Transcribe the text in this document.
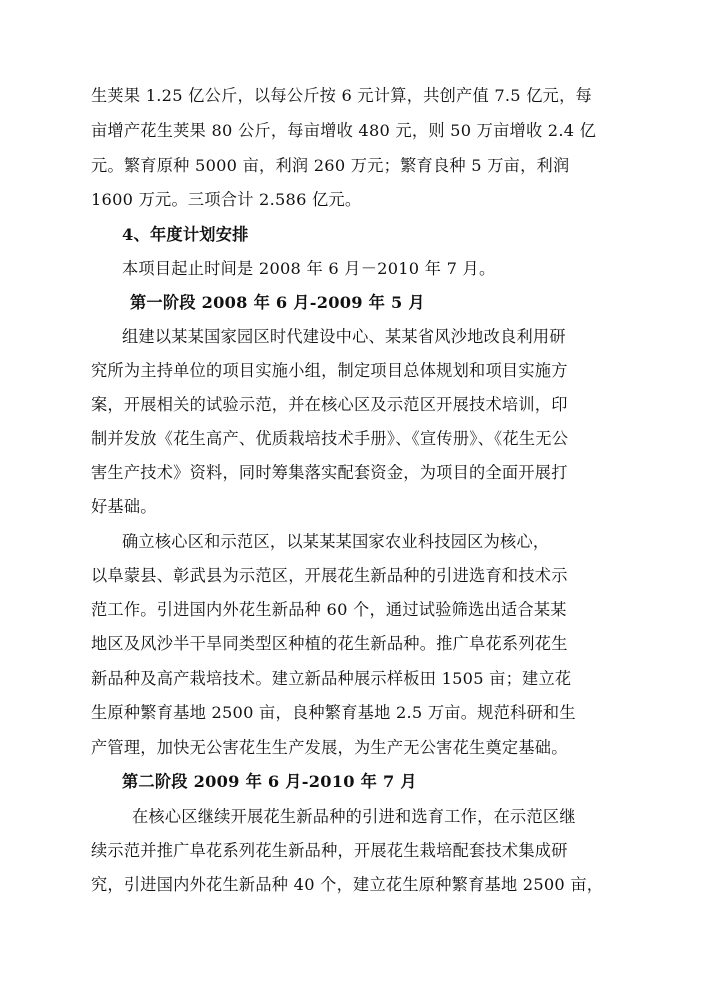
生荚果 1.25 亿公斤，以每公斤按 6 元计算，共创产值 7.5 亿元，每
亩增产花生荚果 80 公斤，每亩增收 480 元，则 50 万亩增收 2.4 亿
元。繁育原种 5000 亩，利润 260 万元；繁育良种 5 万亩，利润
1600 万元。三项合计 2.586 亿元。
4、年度计划安排
本项目起止时间是 2008 年 6 月－2010 年 7 月。
第一阶段 2008 年 6 月-2009 年 5 月
组建以某某国家园区时代建设中心、某某省风沙地改良利用研
究所为主持单位的项目实施小组，制定项目总体规划和项目实施方
案，开展相关的试验示范，并在核心区及示范区开展技术培训，印
制并发放《花生高产、优质栽培技术手册》、《宣传册》、《花生无公
害生产技术》资料，同时筹集落实配套资金，为项目的全面开展打
好基础。
确立核心区和示范区，以某某某国家农业科技园区为核心，
以阜蒙县、彰武县为示范区，开展花生新品种的引进选育和技术示
范工作。引进国内外花生新品种 60 个，通过试验筛选出适合某某
地区及风沙半干旱同类型区种植的花生新品种。推广阜花系列花生
新品种及高产栽培技术。建立新品种展示样板田 1505 亩；建立花
生原种繁育基地 2500 亩，良种繁育基地 2.5 万亩。规范科研和生
产管理，加快无公害花生生产发展，为生产无公害花生奠定基础。
第二阶段 2009 年 6 月-2010 年 7 月
在核心区继续开展花生新品种的引进和选育工作，在示范区继
续示范并推广阜花系列花生新品种，开展花生栽培配套技术集成研
究，引进国内外花生新品种 40 个，建立花生原种繁育基地 2500 亩，
